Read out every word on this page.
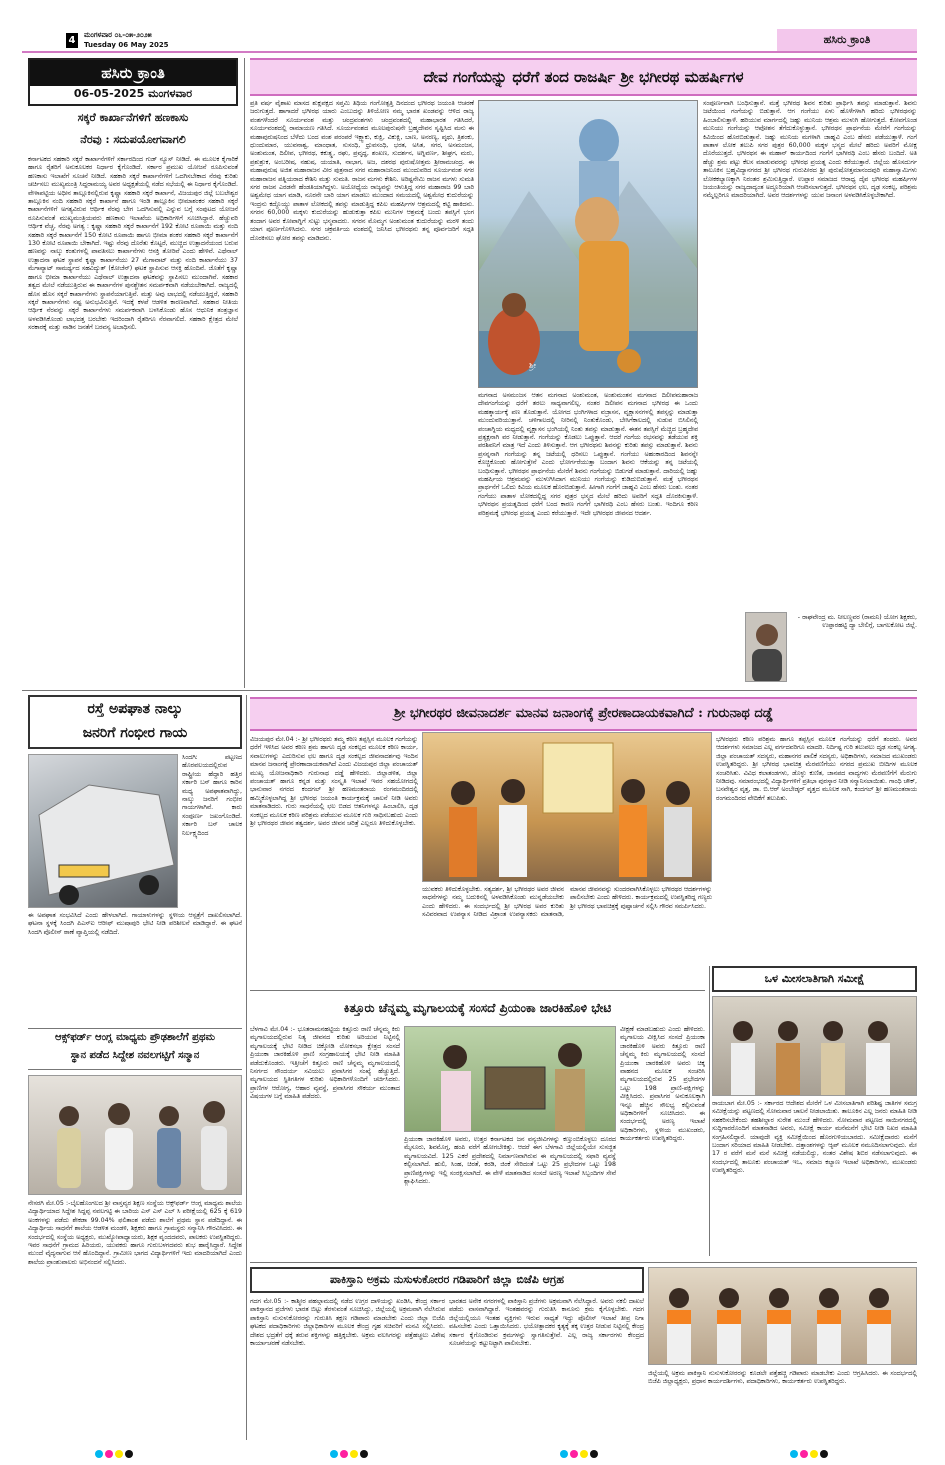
4	ಮಂಗಳವಾರ ೦೬-೦೫-೨೦೨೫
Tuesday 06 May 2025	ಹಸಿರು ಕ್ರಾಂತಿ
ಹಸಿರು ಕ್ರಾಂತಿ
06-05-2025 ಮಂಗಳವಾರ
ಸಕ್ಕರೆ ಕಾರ್ಖಾನೆಗಳಿಗೆ ಹಣಕಾಸು
ನೆರವು : ಸದುಪಯೋಗವಾಗಲಿ
ಕರ್ನಾಟಕದ ಸಹಕಾರಿ ಸಕ್ಕರೆ ಕಾರ್ಖಾನೆಗಳಿಗೆ ಸರ್ಕಾರದಿಂದ ಗುಡ್ ನ್ಯೂಸ್ ನೀಡಿದೆ. ಈ ಮೂಲಕ ಕೈಗಾರಿಕೆ ಹಾಗೂ ರೈತರಿಗೆ ಅನುಕೂಲಕರ ನಿರ್ಧಾರ ಕೈಗೊಂಡಿದೆ. ಸರ್ಕಾರ ಪ್ರಮುಖ ಯೋಜನೆ ರೂಪಿಸುವಂತೆ ಹಣಕಾಸು ಇಲಾಖೆಗೆ ಸೂಚನೆ ನೀಡಿದೆ. ಸಹಕಾರಿ ಸಕ್ಕರೆ ಕಾರ್ಖಾನೆಗಳಿಗೆ ಒದಗಿಸಬೇಕಾದ ನೆರವು ಕುರಿತು ಚರ್ಚಿಸಲು ಮುಖ್ಯಮಂತ್ರಿ ಸಿದ್ದರಾಮಯ್ಯ ಅವರ ಅಧ್ಯಕ್ಷತೆಯಲ್ಲಿ ನಡೆದ ಸಭೆಯಲ್ಲಿ ಈ ನಿರ್ಧಾರ ಕೈಗೊಂಡಿದೆ. ವೇಳಾಪಟ್ಟಿಯ ಅಧೀನ ತಾಲ್ಲೂಕಿನಲ್ಲಿರುವ ಕೃಷ್ಣಾ ಸಹಕಾರಿ ಸಕ್ಕರೆ ಕಾರ್ಖಾನೆ, ವಿಜಯಪುರ ಜಿಲ್ಲೆ ಬಬಲೇಶ್ವರ ತಾಲ್ಲೂಕಿನ ನಂದಿ ಸಹಕಾರಿ ಸಕ್ಕರೆ ಕಾರ್ಖಾನೆ ಹಾಗೂ ಇಂಡಿ ತಾಲ್ಲೂಕಿನ ಭೀಮಾಶಂಕರ ಸಹಕಾರಿ ಸಕ್ಕರೆ ಕಾರ್ಖಾನೆಗಳಿಗೆ ಅಗತ್ಯವಿರುವ ಆರ್ಥಿಕ ನೆರವು ಬೇಗ ಒದಗಿಸುವಲ್ಲಿ ಎನ್ನುವ ಬಗ್ಗೆ ಸಂಪುಟದ ಯೋಜನೆ ರೂಪಿಸುವಂತೆ ಮುಖ್ಯಮಂತ್ರಿಯವರು ಹಣಕಾಸು ಇಲಾಖೆಯ ಅಧಿಕಾರಿಗಳಿಗೆ ಸೂಚಿಸಿದ್ದಾರೆ. ಹೆಚ್ಚುವರಿ ಆರ್ಥಿಕ ವೆಚ್ಚ, ನೆರವು ಅಗತ್ಯ : ಕೃಷ್ಣಾ ಸಹಕಾರಿ ಸಕ್ಕರೆ ಕಾರ್ಖಾನೆಗೆ 192 ಕೋಟಿ ರೂಪಾಯಿ ಮತ್ತು ನಂದಿ ಸಹಕಾರಿ ಸಕ್ಕರೆ ಕಾರ್ಖಾನೆಗೆ 150 ಕೋಟಿ ರೂಪಾಯಿ ಹಾಗೂ ಭೀಮಾ ಶಂಕರ ಸಹಕಾರಿ ಸಕ್ಕರೆ ಕಾರ್ಖಾನೆಗೆ 130 ಕೋಟಿ ರೂಪಾಯಿ ಬೇಕಾಗಿದೆ. ಇಷ್ಟು ನೆರವು ದೊರೆತು ಕೊಟ್ಟರೆ, ಮುಚ್ಚಿದ ಉತ್ಪಾದನೆಯಂದ ಬರುವ ಹಣವನ್ನು ನಾಲ್ಕು ಕಂತುಗಳಲ್ಲಿ ಪಾವತಿಸಲು ಕಾರ್ಖಾನೆಗಳು ಆಸಕ್ತಿ ತೋರಿವೆ ಎಂದು ಹೇಳಿವೆ. ಎಥೆನಾಲ್ ಉತ್ಪಾದನಾ ಘಟಕ ಸ್ಥಾಪನೆ ಕೃಷ್ಣಾ ಕಾರ್ಖಾನೆಯು 27 ಮೆಗಾವಾಟ್ ಮತ್ತು ನಂದಿ ಕಾರ್ಖಾನೆಯು 37 ಮೆಗಾವ್ಯಾಟ್ ಸಾಮರ್ಥ್ಯದ ಸಹವಿದ್ಯುತ್ (ಕೋಜೆನ್) ಘಟಕ ಸ್ಥಾಪಿಸುವ ಆಸಕ್ತಿ ಹೊಂದಿವೆ. ಜೊತೆಗೆ ಕೃಷ್ಣಾ ಹಾಗೂ ಭೀಮಾ ಕಾರ್ಖಾನೆಯು ಎಥೆನಾಲ್ ಉತ್ಪಾದನಾ ಘಟಕವನ್ನು ಸ್ಥಾಪಿಸಲು ಮುಂದಾಗಿವೆ. ಸಹಕಾರ ತತ್ವದ ಮೇಲೆ ನಡೆಯುತ್ತಿರುವ ಈ ಕಾರ್ಖಾನೆಗಳ ಪುನಶ್ಚೇತನ ಸಮರ್ಪಕವಾಗಿ ನಡೆಯಬೇಕಾಗಿದೆ. ರಾಜ್ಯದಲ್ಲಿ ಹೊಸ ಹೊಸ ಸಕ್ಕರೆ ಕಾರ್ಖಾನೆಗಳು ಸ್ಥಾಪನೆಯಾಗುತ್ತಿವೆ. ಮತ್ತು ಅವು ಲಾಭದಲ್ಲಿ ನಡೆಯುತ್ತಿದ್ದರೆ, ಸಹಕಾರಿ ಸಕ್ಕರೆ ಕಾರ್ಖಾನೆಗಳು ನಷ್ಟ ಅನುಭವಿಸುತ್ತಿವೆ. ಇದಕ್ಕೆ ಕಳಪೆ ಆಡಳಿತ ಕಾರಣವಾಗಿದೆ. ಸಹಕಾರ ನೀತಿಯ ಆರ್ಥಿಕ ನೆರವನ್ನು ಸಕ್ಕರೆ ಕಾರ್ಖಾನೆಗಳು ಸಮರ್ಪಕವಾಗಿ ಬಳಸಿಕೊಂಡು ಹೊಸ ಆಧುನಿಕ ತಂತ್ರಜ್ಞಾನ ಅಳವಡಿಸಿಕೊಂಡು ಲಾಭದತ್ತ ಬರಬೇಕು ಇದರಿಂದಾಗಿ ರೈತರಿಗೂ ನೆರವಾಗಲಿದೆ. ಸಹಕಾರಿ ಕ್ಷೇತ್ರದ ಮೇಲೆ ಸರಕಾರಕ್ಕೆ ಮತ್ತು ನಾಡಿನ ಜನತೆಗೆ ಬರವಸ್ಯ ಅಬಾಧಿಸಲಿ.
ದೇವ ಗಂಗೆಯನ್ನು ಧರೆಗೆ ತಂದ ರಾಜರ್ಷಿ ಶ್ರೀ ಭಗೀರಥ ಮಹರ್ಷಿಗಳ
ಪ್ರತಿ ವರ್ಷ ವೈಶಾಖ ಮಾಸದ ಶುಕ್ಲಪಕ್ಷದ ಸಪ್ತಮಿ ತಿಥಿಯ ಗಂಗೋತ್ಪತ್ತಿ ದಿನದಂದ ಭಗೀರಥ ಜಯಂತಿ ಆಚರಣೆ ಜರುಗುತ್ತದೆ. ಹಾಗಾದರೆ ಭಗೀರಥ ಯಾರು ಎಂಬುದನ್ನು ತಿಳಿಯೋಣ ನಮ್ಮ ಭಾರತ ಖಂಡವನ್ನು ಆಳಿದ ರಾಜ್ಯ ವಂಶಗಳೆಂದರೆ ಸೂರ್ಯವಂಶ ಮತ್ತು ಚಂದ್ರವಂಶಗಳು ಚಂದ್ರವಂಶದಲ್ಲಿ ಮಹಾಭಾರತ ಗತಿಸಿದರೆ, ಸೂರ್ಯವಂಶದಲ್ಲಿ ರಾಮಾಯಣ ಗತಿಸಿದೆ. ಸೂರ್ಯವಂಶದ ಮೂಲಪುರುಷನೇ ಬ್ರಹ್ಮದೇವನ ಸೃಷ್ಟಿಸಿದ ಮನು ಈ ಮಹಾಪುರುಷನಿಂದ ಬೆಳೆದು ಬಂದ ವಂಶ ಪರಂಪರೆ ಇಕ್ಷ್ವಾಕು, ಕುಕ್ಷಿ, ವಿಕುಕ್ಷಿ, ಬಾಣ, ಅನರಣ್ಯ, ಪೃಥು, ತ್ರಿಶಂಕು, ಧುಂದುಮಾರ, ಯುವನಾಶ್ವ, ಮಾಂಧಾತ, ಸುಸಂಧಿ, ಧ್ರುವಸಂಧಿ, ಭರತ, ಅಸಿತ, ಸಗರ, ಅಸಮಂಜಸ, ಅಂಶುಮಂತ, ದಿಲೀಪ, ಭಗೀರಥ, ಕಕುತ್ಸ್ಥ, ರಘು, ಪ್ರವೃದ್ಧ, ಶಂಖಣ, ಸುದರ್ಶನ, ಅಗ್ನಿವರ್ಣ, ಶೀಘ್ರಗ, ಮರು, ಪ್ರಶುಶ್ರುಕ, ಅಂಬರೀಷ, ನಹುಷ, ಯಯಾತಿ, ನಾಭಾಗ, ಅಜ, ದಶರಥ ಪುರುಷೋತ್ತಮ ಶ್ರೀರಾಮಚಂದ್ರ. ಈ ಮಹಾಪುರುಷ ಅಜಿತ ಮಹಾರಾಜನ ವೀರ ಪುತ್ರನಾದ ಸಗರ ಮಹಾರಾಜನಿಂದ ಮುಂದುವರಿದ ಸೂರ್ಯವಂಶ ಸಗರ ಮಹಾರಾಜನ ಪತ್ನಿಯರಾದ ಕೇಶಿನಿ ಮತ್ತು ಸುಮತಿ. ರಾಜನ ಮಗಳು ಕೇಶಿನಿ. ಅರಿಷ್ಟನೇಮಿ ರಾಜನ ಮಗಳು ಸುಮತಿ ಸಗರ ರಾಜನ ಎರಡನೇ ಹೆಂಡತಿಯಾಗಿದ್ದಳು. ಅಯೋಧ್ಯೆಯ ರಾಜ್ಯವನ್ನು ಆಳುತ್ತಿದ್ದ ಸಗರ ಮಹಾರಾಜ 99 ಬಾರಿ ಅಶ್ವಮೇಧ ಯಾಗ ಮಾಡಿ, ನೂರನೇ ಬಾರಿ ಯಾಗ ಮಾಡಲು ಮುಂದಾದ ಸಮಯದಲ್ಲಿ ಅಶ್ವಮೇಧ ಕುದುರೆಯನ್ನು ಇಂದ್ರನು ಕದ್ದೊಯ್ದು ಪಾತಾಳ ಲೋಕದಲ್ಲಿ ತಪಸ್ಸು ಮಾಡುತ್ತಿದ್ದ ಕಪಿಲ ಮಹರ್ಷಿಗಳ ಆಶ್ರಮದಲ್ಲಿ ಕಟ್ಟಿ ಹಾಕಿದನು. ಸಗರನ 60,000 ಮಕ್ಕಳು ಕುದುರೆಯನ್ನು ಹುಡುಕುತ್ತಾ ಕಪಿಲ ಮುನಿಗಳ ಆಶ್ರಮಕ್ಕೆ ಬಂದು ತಪಸ್ಸಿಗೆ ಭಂಗ ತಂದಾಗ ಅವರ ಕೋಪಾಗ್ನಿಗೆ ಸುಟ್ಟು ಭಸ್ಮವಾದರು. ಸಗರನ ಮೊಮ್ಮಗ ಅಂಶುಮಂತ ಕುದುರೆಯನ್ನು ಮರಳಿ ತಂದು ಯಾಗ ಪೂರ್ಣಗೊಳಿಸಿದನು. ಸಗರ ಚಕ್ರವರ್ತಿಯ ವಂಶದಲ್ಲಿ ಜನಿಸಿದ ಭಗೀರಥನು ತನ್ನ ಪೂರ್ವಜರಿಗೆ ಸದ್ಗತಿ ದೊರಕಿಸಲು ಘೋರ ತಪಸ್ಸು ಮಾಡಿದನು.
ಶ್ರೀ
ಮಗನಾದ ಅಸಮಂಜಸ ಆತನ ಮಗನಾದ ಅಂಶುಮಂತ, ಅಂಶುಮಂತನ ಮಗನಾದ ದಿಲೀಪಮಹಾರಾಜ ದೇವಗಂಗೆಯನ್ನು ಧರೆಗೆ ತರಲು ಸಾಧ್ಯವಾಗಲಿಲ್ಲ. ನಂತರ ದಿಲೀಪನ ಮಗನಾದ ಭಗೀರಥ ಈ ಒಂದು ಮಹತ್ಕಾರ್ಯಕ್ಕೆ ಪಣ ತೊಡುತ್ತಾನೆ. ಯೋಗದ ಭಂಗಿಗಳಾದ ವಜ್ರಾಸನ, ವೃಕ್ಷಾಸನಗಳಲ್ಲಿ ತಪಸ್ಸನ್ನು ಮಾಡುತ್ತಾ ಮುಂದುವರಿಯುತ್ತಾನೆ. ಚಳಿಗಾಲದಲ್ಲಿ ನೀರಿನಲ್ಲಿ ನಿಂತುಕೊಂಡು, ಬೇಸಿಗೆಕಾಲದಲ್ಲಿ ಸುಡುವ ಬಿಸಿಲಿನಲ್ಲಿ ಪಂಚಾಗ್ನಿಯ ಮಧ್ಯದಲ್ಲಿ ವೃಕ್ಷಾಸನ ಭಂಗಿಯಲ್ಲಿ ನಿಂತು ತಪಸ್ಸು ಮಾಡುತ್ತಾನೆ. ಈತನ ತಪಸ್ಸಿಗೆ ಮೆಚ್ಚಿದ ಬ್ರಹ್ಮದೇವ ಪ್ರತ್ಯಕ್ಷನಾಗಿ ವರ ನೀಡುತ್ತಾನೆ. ಗಂಗೆಯನ್ನು ಕೊಡಲು ಒಪ್ಪುತ್ತಾನೆ. ಆದರೆ ಗಂಗೆಯ ರಭಸವನ್ನು ತಡೆಯುವ ಶಕ್ತಿ ಪರಶಿವನಿಗೆ ಮಾತ್ರ ಇದೆ ಎಂದು ತಿಳಿಸುತ್ತಾನೆ. ಆಗ ಭಗೀರಥನು ಶಿವನನ್ನು ಕುರಿತು ತಪಸ್ಸು ಮಾಡುತ್ತಾನೆ. ಶಿವನು ಪ್ರಸನ್ನನಾಗಿ ಗಂಗೆಯನ್ನು ತನ್ನ ಜಟೆಯಲ್ಲಿ ಧರಿಸಲು ಒಪ್ಪುತ್ತಾನೆ. ಗಂಗೆಯು ಅಹಂಕಾರದಿಂದ ಶಿವನನ್ನೇ ಕೊಚ್ಚಿಕೊಂಡು ಹೋಗುತ್ತೇನೆ ಎಂದು ಭೋರ್ಗರೆಯುತ್ತಾ ಬಂದಾಗ ಶಿವನು ಆಕೆಯನ್ನು ತನ್ನ ಜಟೆಯಲ್ಲಿ ಬಂಧಿಸುತ್ತಾನೆ. ಭಗೀರಥನ ಪ್ರಾರ್ಥನೆಯ ಮೇರೆಗೆ ಶಿವನು ಗಂಗೆಯನ್ನು ಬಿಡುಗಡೆ ಮಾಡುತ್ತಾನೆ. ದಾರಿಯಲ್ಲಿ ಜಹ್ನು ಮಹರ್ಷಿಯ ಆಶ್ರಮವನ್ನು ಮುಳುಗಿಸಿದಾಗ ಮುನಿಯು ಗಂಗೆಯನ್ನು ಕುಡಿದುಬಿಡುತ್ತಾನೆ. ಮತ್ತೆ ಭಗೀರಥನ ಪ್ರಾರ್ಥನೆಗೆ ಒಲಿದು ಕಿವಿಯ ಮೂಲಕ ಹೊರಬಿಡುತ್ತಾನೆ. ಹೀಗಾಗಿ ಗಂಗೆಗೆ ಜಾಹ್ನವಿ ಎಂಬ ಹೆಸರು ಬಂತು. ನಂತರ ಗಂಗೆಯು ಪಾತಾಳ ಲೋಕದಲ್ಲಿದ್ದ ಸಗರ ಪುತ್ರರ ಭಸ್ಮದ ಮೇಲೆ ಹರಿದು ಅವರಿಗೆ ಸದ್ಗತಿ ದೊರಕಿಸುತ್ತಾಳೆ. ಭಗೀರಥನ ಪ್ರಯತ್ನದಿಂದ ಧರೆಗೆ ಬಂದ ಕಾರಣ ಗಂಗೆಗೆ ಭಾಗೀರಥಿ ಎಂಬ ಹೆಸರು ಬಂತು. ಇಂದಿಗೂ ಕಠಿಣ ಪರಿಶ್ರಮಕ್ಕೆ ಭಗೀರಥ ಪ್ರಯತ್ನ ಎಂದು ಕರೆಯುತ್ತಾರೆ. ಇದೇ ಭಗೀರಥರ ಜೀವನದ ಆದರ್ಶ.
ಸಂಪೂರ್ಣವಾಗಿ ಬಂಧಿಸುತ್ತಾನೆ. ಮತ್ತೆ ಭಗೀರಥ ಶಿವನ ಕುರಿತು ಪ್ರಾರ್ಥಿಸಿ ತಪಸ್ಸು ಮಾಡುತ್ತಾನೆ. ಶಿವನು ಜಟೆಯಿಂದ ಗಂಗೆಯನ್ನು ಬಿಡುತ್ತಾನೆ. ಆಗ ಗಂಗೆಯು ಏಳು ಹೊಳೆಗಳಾಗಿ ಹರಿದು ಭಗೀರಥನನ್ನು ಹಿಂಬಾಲಿಸುತ್ತಾಳೆ. ಹರಿಯುವ ಮಾರ್ಗದಲ್ಲಿ ಜಹ್ನು ಮುನಿಯ ಆಶ್ರಮ ಮುಳುಗಿ ಹೋಗುತ್ತದೆ. ಕೋಪಗೊಂಡ ಮುನಿಯು ಗಂಗೆಯನ್ನು ಆಪೋಶನ ತೆಗೆದುಕೊಳ್ಳುತ್ತಾನೆ. ಭಗೀರಥನ ಪ್ರಾರ್ಥನೆಯ ಮೇರೆಗೆ ಗಂಗೆಯನ್ನು ಕಿವಿಯಿಂದ ಹೊರಬಿಡುತ್ತಾನೆ. ಜಹ್ನು ಮುನಿಯ ಮಗಳಾಗಿ ಜಾಹ್ನವಿ ಎಂಬ ಹೆಸರು ಪಡೆಯುತ್ತಾಳೆ. ಗಂಗೆ ಪಾತಾಳ ಲೋಕ ತಲುಪಿ ಸಗರ ಪುತ್ರರ 60,000 ಮಕ್ಕಳ ಭಸ್ಮದ ಮೇಲೆ ಹರಿದು ಅವರಿಗೆ ಮೋಕ್ಷ ದೊರೆಯುತ್ತದೆ. ಭಗೀರಥನ ಈ ಮಹಾನ್ ಕಾರ್ಯದಿಂದ ಗಂಗೆಗೆ ಭಾಗೀರಥಿ ಎಂಬ ಹೆಸರು ಬಂದಿದೆ. ಅತಿ ಹೆಚ್ಚು ಶ್ರಮ ಪಟ್ಟು ಕೆಲಸ ಮಾಡುವವರನ್ನು ಭಗೀರಥ ಪ್ರಯತ್ನ ಎಂದು ಕರೆಯುತ್ತಾರೆ. ಜಿಲ್ಲೆಯ ಹೊಸದುರ್ಗ ತಾಲೂಕಿನ ಬ್ರಹ್ಮವಿದ್ಯಾನಗರದ ಶ್ರೀ ಭಗೀರಥ ಗುರುಪೀಠದ ಶ್ರೀ ಪುರುಷೋತ್ತಮಾನಂದಪುರಿ ಮಹಾಸ್ವಾಮಿಗಳು ಲೋಕಕಲ್ಯಾಣಕ್ಕಾಗಿ ನಿರಂತರ ಶ್ರಮಿಸುತ್ತಿದ್ದಾರೆ. ಉಪ್ಪಾರ ಸಮಾಜದ ಆರಾಧ್ಯ ದೈವ ಭಗೀರಥ ಮಹರ್ಷಿಗಳ ಜಯಂತಿಯನ್ನು ರಾಜ್ಯದಾದ್ಯಂತ ಅದ್ದೂರಿಯಾಗಿ ಆಚರಿಸಲಾಗುತ್ತದೆ. ಭಗೀರಥನ ಛಲ, ದೃಢ ಸಂಕಲ್ಪ, ಪರಿಶ್ರಮ ನಮ್ಮೆಲ್ಲರಿಗೂ ಮಾದರಿಯಾಗಿದೆ. ಅವರ ಆದರ್ಶಗಳನ್ನು ಯುವ ಜನಾಂಗ ಅಳವಡಿಸಿಕೊಳ್ಳಬೇಕಾಗಿದೆ.
- ರಾಘವೇಂದ್ರ ಮ. ನೀಲಣ್ಣವರ (ರಾಮನಿ) ಯೋಗ ಶಿಕ್ಷಕರು, ಉಪ್ಪಾರಹಟ್ಟಿ ದ್ಯಾ ಬೇಲಿಗ್ಗೆ, ಬಾಗಲಕೋಟ ಜಿಲ್ಲೆ.
ರಸ್ತೆ ಅಪಘಾತ ನಾಲ್ಕು
ಜನರಿಗೆ ಗಂಭೀರ ಗಾಯ
ಸಿಂದಗಿ: ಪಟ್ಟಣದ ಹೊರವಲಯದಲ್ಲಿರುವ ರಾಷ್ಟ್ರೀಯ ಹೆದ್ದಾರಿ ಹತ್ತಿರ ಸರ್ಕಾರಿ ಬಸ್ ಹಾಗೂ ಕಾರಿನ ಮಧ್ಯ ಅಪಘಾತವಾಗಿದ್ದು, ನಾಲ್ಕು ಜನರಿಗೆ ಗಂಭೀರ ಗಾಯಗಳಾಗಿವೆ. ಕಾರು ಸಂಪೂರ್ಣ ಜಖಂಗೊಂಡಿದೆ. ಸರ್ಕಾರಿ ಬಸ್ ಚಾಲಕ ನಿರ್ಲಕ್ಷ್ಯದಿಂದ
ಈ ಅಪಘಾತ ಸಂಭವಿಸಿದೆ ಎಂದು ಹೇಳಲಾಗಿದೆ. ಗಾಯಾಳುಗಳನ್ನು ಸ್ಥಳೀಯ ಆಸ್ಪತ್ರೆಗೆ ದಾಖಲಿಸಲಾಗಿದೆ. ಘಟನಾ ಸ್ಥಳಕ್ಕೆ ಸಿಂದಗಿ ಪಿಎಸ್ಐ ಆರೀಫ್ ಮುಷಾಪುರಿ ಭೇಟಿ ನೀಡಿ ಪರಿಶೀಲನೆ ಮಾಡಿದ್ದಾರೆ. ಈ ಘಟನೆ ಸಿಂದಗಿ ಪೊಲೀಸ್ ಠಾಣೆ ವ್ಯಾಪ್ತಿಯಲ್ಲಿ ನಡೆದಿದೆ.
ಆಕ್ಸ್‌ಫರ್ಡ್ ಆಂಗ್ಲ ಮಾಧ್ಯಮ ಪ್ರೌಢಶಾಲೆಗೆ ಪ್ರಥಮ
ಸ್ಥಾನ ಪಡೆದ ಸಿದ್ದೇಶ ನವಲಗಟ್ಟಿಗೆ ಸನ್ಮಾನ
ನೇಸರಗಿ ಮೇ.05 :-ಬೈಲಹೊಂಗಲದ ಶ್ರೀ ವಾಸ್ತವ್ಯರ ಶಿಕ್ಷಣ ಸಂಸ್ಥೆಯ ಆಕ್ಸ್‌ಫರ್ಡ್ ಆಂಗ್ಲ ಮಾಧ್ಯಮ ಶಾಲೆಯ ವಿದ್ಯಾರ್ಥಿಯಾದ ಸಿದ್ದೇಶ ಸಿದ್ದಪ್ಪ ನವಲಗಟ್ಟಿ ಈ ಬಾರಿಯ ಎಸ್ ಎಸ್ ಎಲ್ ಸಿ ಪರೀಕ್ಷೆಯಲ್ಲಿ 625 ಕ್ಕೆ 619 ಅಂಕಗಳನ್ನು ಪಡೆದು ಶೇಕಡಾ 99.04% ಫಲಿತಾಂಶ ಪಡೆದು ಶಾಲೆಗೆ ಪ್ರಥಮ ಸ್ಥಾನ ಪಡೆದಿದ್ದಾನೆ. ಈ ವಿದ್ಯಾರ್ಥಿಯ ಸಾಧನೆಗೆ ಶಾಲೆಯ ಆಡಳಿತ ಮಂಡಳಿ, ಶಿಕ್ಷಕರು ಹಾಗೂ ಗ್ರಾಮಸ್ಥರು ಸನ್ಮಾನಿಸಿ ಗೌರವಿಸಿದರು. ಈ ಸಂದರ್ಭದಲ್ಲಿ ಸಂಸ್ಥೆಯ ಅಧ್ಯಕ್ಷರು, ಮುಖ್ಯೋಪಾಧ್ಯಾಯರು, ಶಿಕ್ಷಕ ವೃಂದದವರು, ಪಾಲಕರು ಉಪಸ್ಥಿತರಿದ್ದರು. ಇವರ ಸಾಧನೆಗೆ ಗ್ರಾಮದ ಹಿರಿಯರು, ಯುವಕರು ಹಾಗೂ ಗುರುಬಳಗದವರು ಶುಭ ಹಾರೈಸಿದ್ದಾರೆ. ಸಿದ್ದೇಶ ಮುಂದೆ ವೈದ್ಯನಾಗುವ ಆಸೆ ಹೊಂದಿದ್ದಾನೆ. ಗ್ರಾಮೀಣ ಭಾಗದ ವಿದ್ಯಾರ್ಥಿಗಳಿಗೆ ಇದು ಮಾದರಿಯಾಗಿದೆ ಎಂದು ಶಾಲೆಯ ಪ್ರಾಂಶುಪಾಲರು ಅಭಿನಂದನೆ ಸಲ್ಲಿಸಿದರು.
ಶ್ರೀ ಭಗೀರಥರ ಜೀವನಾದರ್ಶ ಮಾನವ ಜನಾಂಗಕ್ಕೆ ಪ್ರೇರಣಾದಾಯಕವಾಗಿದೆ : ಗುರುನಾಥ ದಡ್ಡೆ
ವಿಜಯಪುರ ಮೇ.04 :- ಶ್ರೀ ಭಗೀರಥರು ತಮ್ಮ ಕಠಿಣ ತಪ್ಪಸ್ಸಿನ ಮೂಲಕ ಗಂಗೆಯನ್ನು ಧರೆಗೆ ಇಳಿಸಿದ ಅವರ ಕಠಿಣ ಶ್ರಮ ಹಾಗೂ ದೃಢ ಸಂಕಲ್ಪದ ಮೂಲಕ ಕಠಿಣ ಕಾರ್ಯ, ಸವಾಲುಗಳನ್ನು ಎದುರಿಸುವ ಛಲ ಹಾಗೂ ದೃಢ ಸಂಕಲ್ಪದ ಜೀವನಾದರ್ಶವು ಇಂದಿನ ಮಾನವ ಜನಾಂಗಕ್ಕೆ ಪ್ರೇರಣಾದಾಯಕವಾಗಿದೆ ಎಂದು ವಿಜಯಪುರ ಜಿಲ್ಲಾ ಪಂಚಾಯತ್ ಮುಖ್ಯ ಯೋಜನಾಧಿಕಾರಿ ಗುರುನಾಥ ದಡ್ಡೆ ಹೇಳಿದರು. ಜಿಲ್ಲಾಡಳಿತ, ಜಿಲ್ಲಾ ಪಂಚಾಯತ್ ಹಾಗೂ ಕನ್ನಡ ಮತ್ತು ಸಂಸ್ಕೃತಿ ಇಲಾಖೆ ಇವರ ಸಹಯೋಗದಲ್ಲಿ ಭಾನುವಾರ ನಗರದ ಕಂದಗಲ್ ಶ್ರೀ ಹಣಮಂತರಾಯ ರಂಗಮಂದಿರದಲ್ಲಿ ಹಮ್ಮಿಕೊಳ್ಳಲಾಗಿದ್ದ ಶ್ರೀ ಭಗೀರಥ ಜಯಂತಿ ಕಾರ್ಯಕ್ರಮಕ್ಕೆ ಚಾಲನೆ ನೀಡಿ ಅವರು ಮಾತನಾಡಿದರು. ಗುರು ಸಾಧನೆಯಲ್ಲಿ ಛಲ ಬಿಡದ ಆತನಿಗಳನ್ನೂ ಹಿಂಬಾಲಿಸಿ, ದೃಢ ಸಂಕಲ್ಪದ ಮೂಲಕ ಕಠಿಣ ಪರಿಶ್ರಮ ಪಡೆಯುವ ಮೂಲಕ ಗುರಿ ಸಾಧಿಸಬಹುದು ಎಂದು ಶ್ರೀ ಭಗೀರಥರ ಜೀವನ ತತ್ವದರ್ಶ, ಅವರ ಜೀವನ ಚರಿತ್ರೆ ಎಲ್ಲರೂ ತಿಳಿದುಕೊಳ್ಳಬೇಕು.
ಯುವಕರು ತಿಳಿದುಕೊಳ್ಳಬೇಕು. ಸತ್ಯದರ್ಶ, ಶ್ರೀ ಭಗೀರಥರ ಅವರ ಜೀವನ ಸಾಧನೆಗಳನ್ನು ನಮ್ಮ ಬದುಕಿನಲ್ಲಿ ಅಳವಡಿಸಿಕೊಂಡು ಮುನ್ನಡೆಯಬೇಕು ಎಂದು ಹೇಳಿದರು. ಈ ಸಂದರ್ಭದಲ್ಲಿ ಶ್ರೀ ಭಗೀರಥ ಅವರ ಕುರಿತು ಸವಿವರವಾದ ಉಪನ್ಯಾಸ ನೀಡಿದ ವಿಶ್ರಾಂತ ಉಪನ್ಯಾಸಕರು ಮಾತನಾಡಿ, ಮಾನವ ಜೀವನವನ್ನು ಸುಂದರವಾಗಿಸಿಕೊಳ್ಳಲು ಭಗೀರಥರ ಆದರ್ಶಗಳನ್ನು ಪಾಲಿಸಬೇಕು ಎಂದು ಹೇಳಿದರು. ಕಾರ್ಯಕ್ರಮದಲ್ಲಿ ಉಪಸ್ಥಿತರಿದ್ದ ಗಣ್ಯರು ಶ್ರೀ ಭಗೀರಥ ಭಾವಚಿತ್ರಕ್ಕೆ ಪುಷ್ಪಾರ್ಚನೆ ಸಲ್ಲಿಸಿ ಗೌರವ ಸಮರ್ಪಿಸಿದರು.
ಭಗೀರಥರು ಕಠಿಣ ಪರಿಶ್ರಮ ಹಾಗೂ ತಪ್ಪಸ್ಸಿನ ಮೂಲಕ ಗಂಗೆಯನ್ನು ಧರೆಗೆ ತಂದರು. ಅವರ ಆದರ್ಶಗಳು ಸಮಾಜದ ಎಲ್ಲ ವರ್ಗದವರಿಗೂ ಮಾದರಿ. ನಿರ್ದಿಷ್ಟ ಗುರಿ ತಲುಪಲು ದೃಢ ಸಂಕಲ್ಪ ಅಗತ್ಯ. ಜಿಲ್ಲಾ ಪಂಚಾಯತ್ ಸದಸ್ಯರು, ಮಹಾನಗರ ಪಾಲಿಕೆ ಸದಸ್ಯರು, ಅಧಿಕಾರಿಗಳು, ಸಮಾಜದ ಮುಖಂಡರು ಉಪಸ್ಥಿತರಿದ್ದರು. ಶ್ರೀ ಭಗೀರಥ ಭಾವಚಿತ್ರ ಮೆರವಣಿಗೆಯು ನಗರದ ಪ್ರಮುಖ ಬೀದಿಗಳ ಮೂಲಕ ಸಂಚರಿಸಿತು. ವಿವಿಧ ಕಲಾತಂಡಗಳು, ಡೊಳ್ಳು ಕುಣಿತ, ಜಾನಪದ ವಾದ್ಯಗಳು ಮೆರವಣಿಗೆಗೆ ಮೆರುಗು ನೀಡಿದವು. ಸಮಾರಂಭದಲ್ಲಿ ವಿದ್ಯಾರ್ಥಿಗಳಿಗೆ ಪ್ರತಿಭಾ ಪುರಸ್ಕಾರ ನೀಡಿ ಸನ್ಮಾನಿಸಲಾಯಿತು. ಗಾಂಧಿ ಚೌಕ್, ಬಸವೇಶ್ವರ ವೃತ್ತ, ಡಾ. ಬಿ.ಆರ್ ಅಂಬೇಡ್ಕರ್ ವೃತ್ತದ ಮೂಲಕ ಸಾಗಿ, ಕಂದಗಲ್ ಶ್ರೀ ಹಣಮಂತರಾಯ ರಂಗಮಂದಿರದ ವೇದಿಕೆಗೆ ತಲುಪಿತು.
ಕಿತ್ತೂರು ಚೆನ್ನಮ್ಮ ಮೃಗಾಲಯಕ್ಕೆ ಸಂಸದೆ ಪ್ರಿಯಂಕಾ ಜಾರಕಿಹೊಳಿ ಭೇಟಿ
ಬೆಳಗಾವಿ ಮೇ.04 :- ಭೂತರಾಮನಹಟ್ಟಿಯ ಕಿತ್ತೂರು ರಾಣಿ ಚೆನ್ನಮ್ಮ ಕಿರು ಮೃಗಾಲಯದಲ್ಲಿರುವ ನಿತ್ಯ ಜೀವನದ ಕುರಿತು ಅರಿಯುವ ನಿಟ್ಟಿನಲ್ಲಿ ಮೃಗಾಲಯಕ್ಕೆ ಭೇಟಿ ನೀಡಿದ ಚಿಕ್ಕೋಡಿ ಲೋಕಸಭಾ ಕ್ಷೇತ್ರದ ಸಂಸದೆ ಪ್ರಿಯಂಕಾ ಜಾರಕಿಹೊಳಿ ಪ್ರಾಣಿ ಸಂಗ್ರಹಾಲಯಕ್ಕೆ ಭೇಟಿ ನೀಡಿ ಮಾಹಿತಿ ಪಡೆದುಕೊಂಡರು. ಇತ್ತೀಚೆಗೆ ಕಿತ್ತೂರು ರಾಣಿ ಚೆನ್ನಮ್ಮ ಮೃಗಾಲಯದಲ್ಲಿ ನಿಸರ್ಗದ ಸೌಂದರ್ಯ ಸವಿಯಲು ಪ್ರವಾಸಿಗರ ಸಂಖ್ಯೆ ಹೆಚ್ಚುತ್ತಿದೆ. ಮೃಗಾಲಯದ ಸ್ಥಿತಿಗತಿಗಳ ಕುರಿತು ಅಧಿಕಾರಿಗಳೊಂದಿಗೆ ಚರ್ಚಿಸಿದರು. ಪ್ರಾಣಿಗಳ ಆರೋಗ್ಯ, ಆಹಾರ ವ್ಯವಸ್ಥೆ, ಪ್ರವಾಸಿಗರ ಸೌಕರ್ಯ ಮುಂತಾದ ವಿಷಯಗಳ ಬಗ್ಗೆ ಮಾಹಿತಿ ಪಡೆದರು.
ಪ್ರಿಯಂಕಾ ಜಾರಕಿಹೊಳಿ ಅವರು, ಉತ್ತರ ಕರ್ನಾಟಕದ ಜನ ವನ್ಯಜೀವಿಗಳನ್ನು ಕಣ್ತುಂಬಿಕೊಳ್ಳಲು ದೂರದ ಮೈಸೂರು, ಶಿವಮೊಗ್ಗ, ಹಂಪಿ ವರೆಗೆ ಹೋಗಬೇಕಿತ್ತು. ಆದರೆ ಈಗ ಬೆಳಗಾವಿ ಜಿಲ್ಲೆಯಲ್ಲಿಯೇ ಸುಸಜ್ಜಿತ ಮೃಗಾಲಯವಿದೆ. 125 ಎಕರೆ ಪ್ರದೇಶದಲ್ಲಿ ನಿರ್ಮಾಣವಾಗಿರುವ ಈ ಮೃಗಾಲಯದಲ್ಲಿ ಸಫಾರಿ ವ್ಯವಸ್ಥೆ ಕಲ್ಪಿಸಲಾಗಿದೆ. ಹುಲಿ, ಸಿಂಹ, ಚಿರತೆ, ಕರಡಿ, ಜಿಂಕೆ ಸೇರಿದಂತೆ ಒಟ್ಟು 25 ಪ್ರಭೇದಗಳ ಒಟ್ಟು 198 ಪ್ರಾಣಿಪಕ್ಷಿಗಳನ್ನು ಇಲ್ಲಿ ಸಂರಕ್ಷಿಸಲಾಗಿದೆ. ಈ ವೇಳೆ ಮಾತನಾಡಿದ ಸಂಸದೆ ಅರಣ್ಯ ಇಲಾಖೆ ಸಿಬ್ಬಂದಿಗಳ ಸೇವೆ ಶ್ಲಾಘಿಸಿದರು.
ವೀಕ್ಷಣೆ ಮಾಡಬಹುದು ಎಂದು ಹೇಳಿದರು. ಮೃಗಾಲಯ ವೀಕ್ಷಿಸಿದ ಸಂಸದೆ ಪ್ರಿಯಂಕಾ ಜಾರಕಿಹೊಳಿ ಅವರು ಕಿತ್ತೂರು ರಾಣಿ ಚೆನ್ನಮ್ಮ ಕಿರು ಮೃಗಾಲಯದಲ್ಲಿ ಸಂಸದೆ ಪ್ರಿಯಂಕಾ ಜಾರಕಿಹೊಳಿ ಅವರು ಚಿಕ್ಕ ವಾಹನದ ಮೂಲಕ ಸಂಚರಿಸಿ ಮೃಗಾಲಯದಲ್ಲಿರುವ 25 ಪ್ರಭೇದಗಳ ಒಟ್ಟು 198 ಪ್ರಾಣಿ-ಪಕ್ಷಿಗಳನ್ನು ವೀಕ್ಷಿಸಿದರು. ಪ್ರವಾಸಿಗರ ಅನುಕೂಲಕ್ಕಾಗಿ ಇನ್ನೂ ಹೆಚ್ಚಿನ ಸೌಲಭ್ಯ ಕಲ್ಪಿಸುವಂತೆ ಅಧಿಕಾರಿಗಳಿಗೆ ಸೂಚಿಸಿದರು. ಈ ಸಂದರ್ಭದಲ್ಲಿ ಅರಣ್ಯ ಇಲಾಖೆ ಅಧಿಕಾರಿಗಳು, ಸ್ಥಳೀಯ ಮುಖಂಡರು, ಕಾರ್ಯಕರ್ತರು ಉಪಸ್ಥಿತರಿದ್ದರು.
ಒಳ ಮೀಸಲಾತಿಗಾಗಿ ಸಮೀಕ್ಷೆ
ರಾಯಬಾಗ ಮೇ.05 :- ಸರ್ಕಾರದ ಆದೇಶದ ಮೇರೆಗೆ ಒಳ ಮೀಸಲಾತಿಗಾಗಿ ಪರಿಶಿಷ್ಟ ಜಾತಿಗಳ ಸಮಗ್ರ ಸಮೀಕ್ಷೆಯನ್ನು ಪಟ್ಟಣದಲ್ಲಿ ಸೋಮವಾರ ಚಾಲನೆ ನೀಡಲಾಯಿತು. ತಾಲೂಕಿನ ಎಲ್ಲ ಜನರು ಮಾಹಿತಿ ನೀಡಿ ಸಹಕರಿಸಬೇಕೆಂದು ತಹಶೀಲ್ದಾರ ಸುರೇಶ ಮುಂಜೆ ಹೇಳಿದರು. ಸೋಮವಾರ ಪಟ್ಟಣದ ಸಾಯಿನಗರದಲ್ಲಿ ಸುದ್ದಿಗಾರರೊಂದಿಗೆ ಮಾತನಾಡಿದ ಅವರು, ಸಮೀಕ್ಷೆ ಕಾರ್ಯ ಮನೆಮನೆಗೆ ಭೇಟಿ ನೀಡಿ ನಿಖರ ಮಾಹಿತಿ ಸಂಗ್ರಹಿಸಲಿದ್ದಾರೆ. ಯಾವುದೇ ವ್ಯಕ್ತಿ ಸಮೀಕ್ಷೆಯಿಂದ ಹೊರಗುಳಿಯಬಾರದು. ಸಮೀಕ್ಷೆದಾರರು ಮನೆಗೆ ಬಂದಾಗ ಸರಿಯಾದ ಮಾಹಿತಿ ನೀಡಬೇಕು. ದತ್ತಾಂಶಗಳನ್ನು ಆ್ಯಪ್ ಮೂಲಕ ನಮೂದಿಸಲಾಗುವುದು. ಮೇ 17 ರ ವರೆಗೆ ಮನೆ ಮನೆ ಸಮೀಕ್ಷೆ ನಡೆಯಲಿದ್ದು, ನಂತರ ವಿಶೇಷ ಶಿಬಿರ ನಡೆಸಲಾಗುವುದು. ಈ ಸಂದರ್ಭದಲ್ಲಿ ತಾಲೂಕು ಪಂಚಾಯತ್ ಇಒ, ಸಮಾಜ ಕಲ್ಯಾಣ ಇಲಾಖೆ ಅಧಿಕಾರಿಗಳು, ಮುಖಂಡರು ಉಪಸ್ಥಿತರಿದ್ದರು.
ಪಾಕಿಸ್ತಾನಿ ಅಕ್ರಮ ನುಸುಳುಕೋರರ ಗಡಿಪಾರಿಗೆ ಜಿಲ್ಲಾ ಬಿಜೆಪಿ ಆಗ್ರಹ
ಗದಗ ಮೇ.05 :- ಕಾಶ್ಮೀರ ಪಹಲ್ಗಾಮದಲ್ಲಿ ನಡೆದ ಉಗ್ರರ ದಾಳಿಯನ್ನು ಖಂಡಿಸಿ, ಕೇಂದ್ರ ಸರ್ಕಾರ ಪಾಕಿಸ್ತಾನದ ಪ್ರಜೆಗಳು ಭಾರತ ಬಿಟ್ಟು ತೆರಳುವಂತೆ ಸೂಚಿಸಿದ್ದು, ಜಿಲ್ಲೆಯಲ್ಲಿ ಅಕ್ರಮವಾಗಿ ನೆಲೆಸಿರುವ ಪಾಕಿಸ್ತಾನಿ ನುಸುಳುಕೋರರನ್ನು ಗುರುತಿಸಿ ತಕ್ಷಣ ಗಡಿಪಾರು ಮಾಡಬೇಕು ಎಂದು ಜಿಲ್ಲಾ ಬಿಜೆಪಿ ಘಟಕದ ಪದಾಧಿಕಾರಿಗಳು ಜಿಲ್ಲಾಧಿಕಾರಿಗಳ ಮೂಲಕ ಕೇಂದ್ರ ಗೃಹ ಸಚಿವರಿಗೆ ಮನವಿ ಸಲ್ಲಿಸಿದರು. ದೇಶದ ಭದ್ರತೆಗೆ ಧಕ್ಕೆ ತರುವ ಶಕ್ತಿಗಳನ್ನು ಹತ್ತಿಕ್ಕಬೇಕು. ಅಕ್ರಮ ವಲಸಿಗರನ್ನು ಪತ್ತೆಹಚ್ಚಲು ವಿಶೇಷ ಕಾರ್ಯಾಚರಣೆ ನಡೆಸಬೇಕು.
ಭಾರತದ ಅನೇಕ ನಗರಗಳಲ್ಲಿ ಪಾಕಿಸ್ತಾನಿ ಪ್ರಜೆಗಳು ಅಕ್ರಮವಾಗಿ ನೆಲೆಸಿದ್ದಾರೆ. ಅವರು ನಕಲಿ ದಾಖಲೆ ಪಡೆದು ವಾಸವಾಗಿದ್ದಾರೆ. ಇಂತಹವರನ್ನು ಗುರುತಿಸಿ ಕಾನೂನು ಕ್ರಮ ಕೈಗೊಳ್ಳಬೇಕು. ಗದಗ ಜಿಲ್ಲೆಯಲ್ಲಿಯೂ ಇಂತಹ ವ್ಯಕ್ತಿಗಳು ಇರುವ ಸಾಧ್ಯತೆ ಇದ್ದು ಪೊಲೀಸ್ ಇಲಾಖೆ ತೀವ್ರ ನಿಗಾ ವಹಿಸಬೇಕು ಎಂದು ಒತ್ತಾಯಿಸಿದರು. ಭಯೋತ್ಪಾದಕರ ಕೃತ್ಯಕ್ಕೆ ತಕ್ಕ ಉತ್ತರ ನೀಡುವ ನಿಟ್ಟಿನಲ್ಲಿ ಕೇಂದ್ರ ಸರ್ಕಾರ ಕೈಗೊಂಡಿರುವ ಕ್ರಮಗಳನ್ನು ಸ್ವಾಗತಿಸುತ್ತೇವೆ. ಎಲ್ಲ ರಾಜ್ಯ ಸರ್ಕಾರಗಳು ಕೇಂದ್ರದ ಸೂಚನೆಯನ್ನು ಕಟ್ಟುನಿಟ್ಟಾಗಿ ಪಾಲಿಸಬೇಕು.
ಜಿಲ್ಲೆಯಲ್ಲಿ ಅಕ್ರಮ ಪಾಕಿಸ್ತಾನಿ ನುಸುಳುಕೋರರನ್ನು ಕೂಡಲೇ ಪತ್ತೆಹಚ್ಚಿ ಗಡಿಪಾರು ಮಾಡಬೇಕು ಎಂದು ಆಗ್ರಹಿಸಿದರು. ಈ ಸಂದರ್ಭದಲ್ಲಿ ಬಿಜೆಪಿ ಜಿಲ್ಲಾಧ್ಯಕ್ಷರು, ಪ್ರಧಾನ ಕಾರ್ಯದರ್ಶಿಗಳು, ಪದಾಧಿಕಾರಿಗಳು, ಕಾರ್ಯಕರ್ತರು ಉಪಸ್ಥಿತರಿದ್ದರು.
